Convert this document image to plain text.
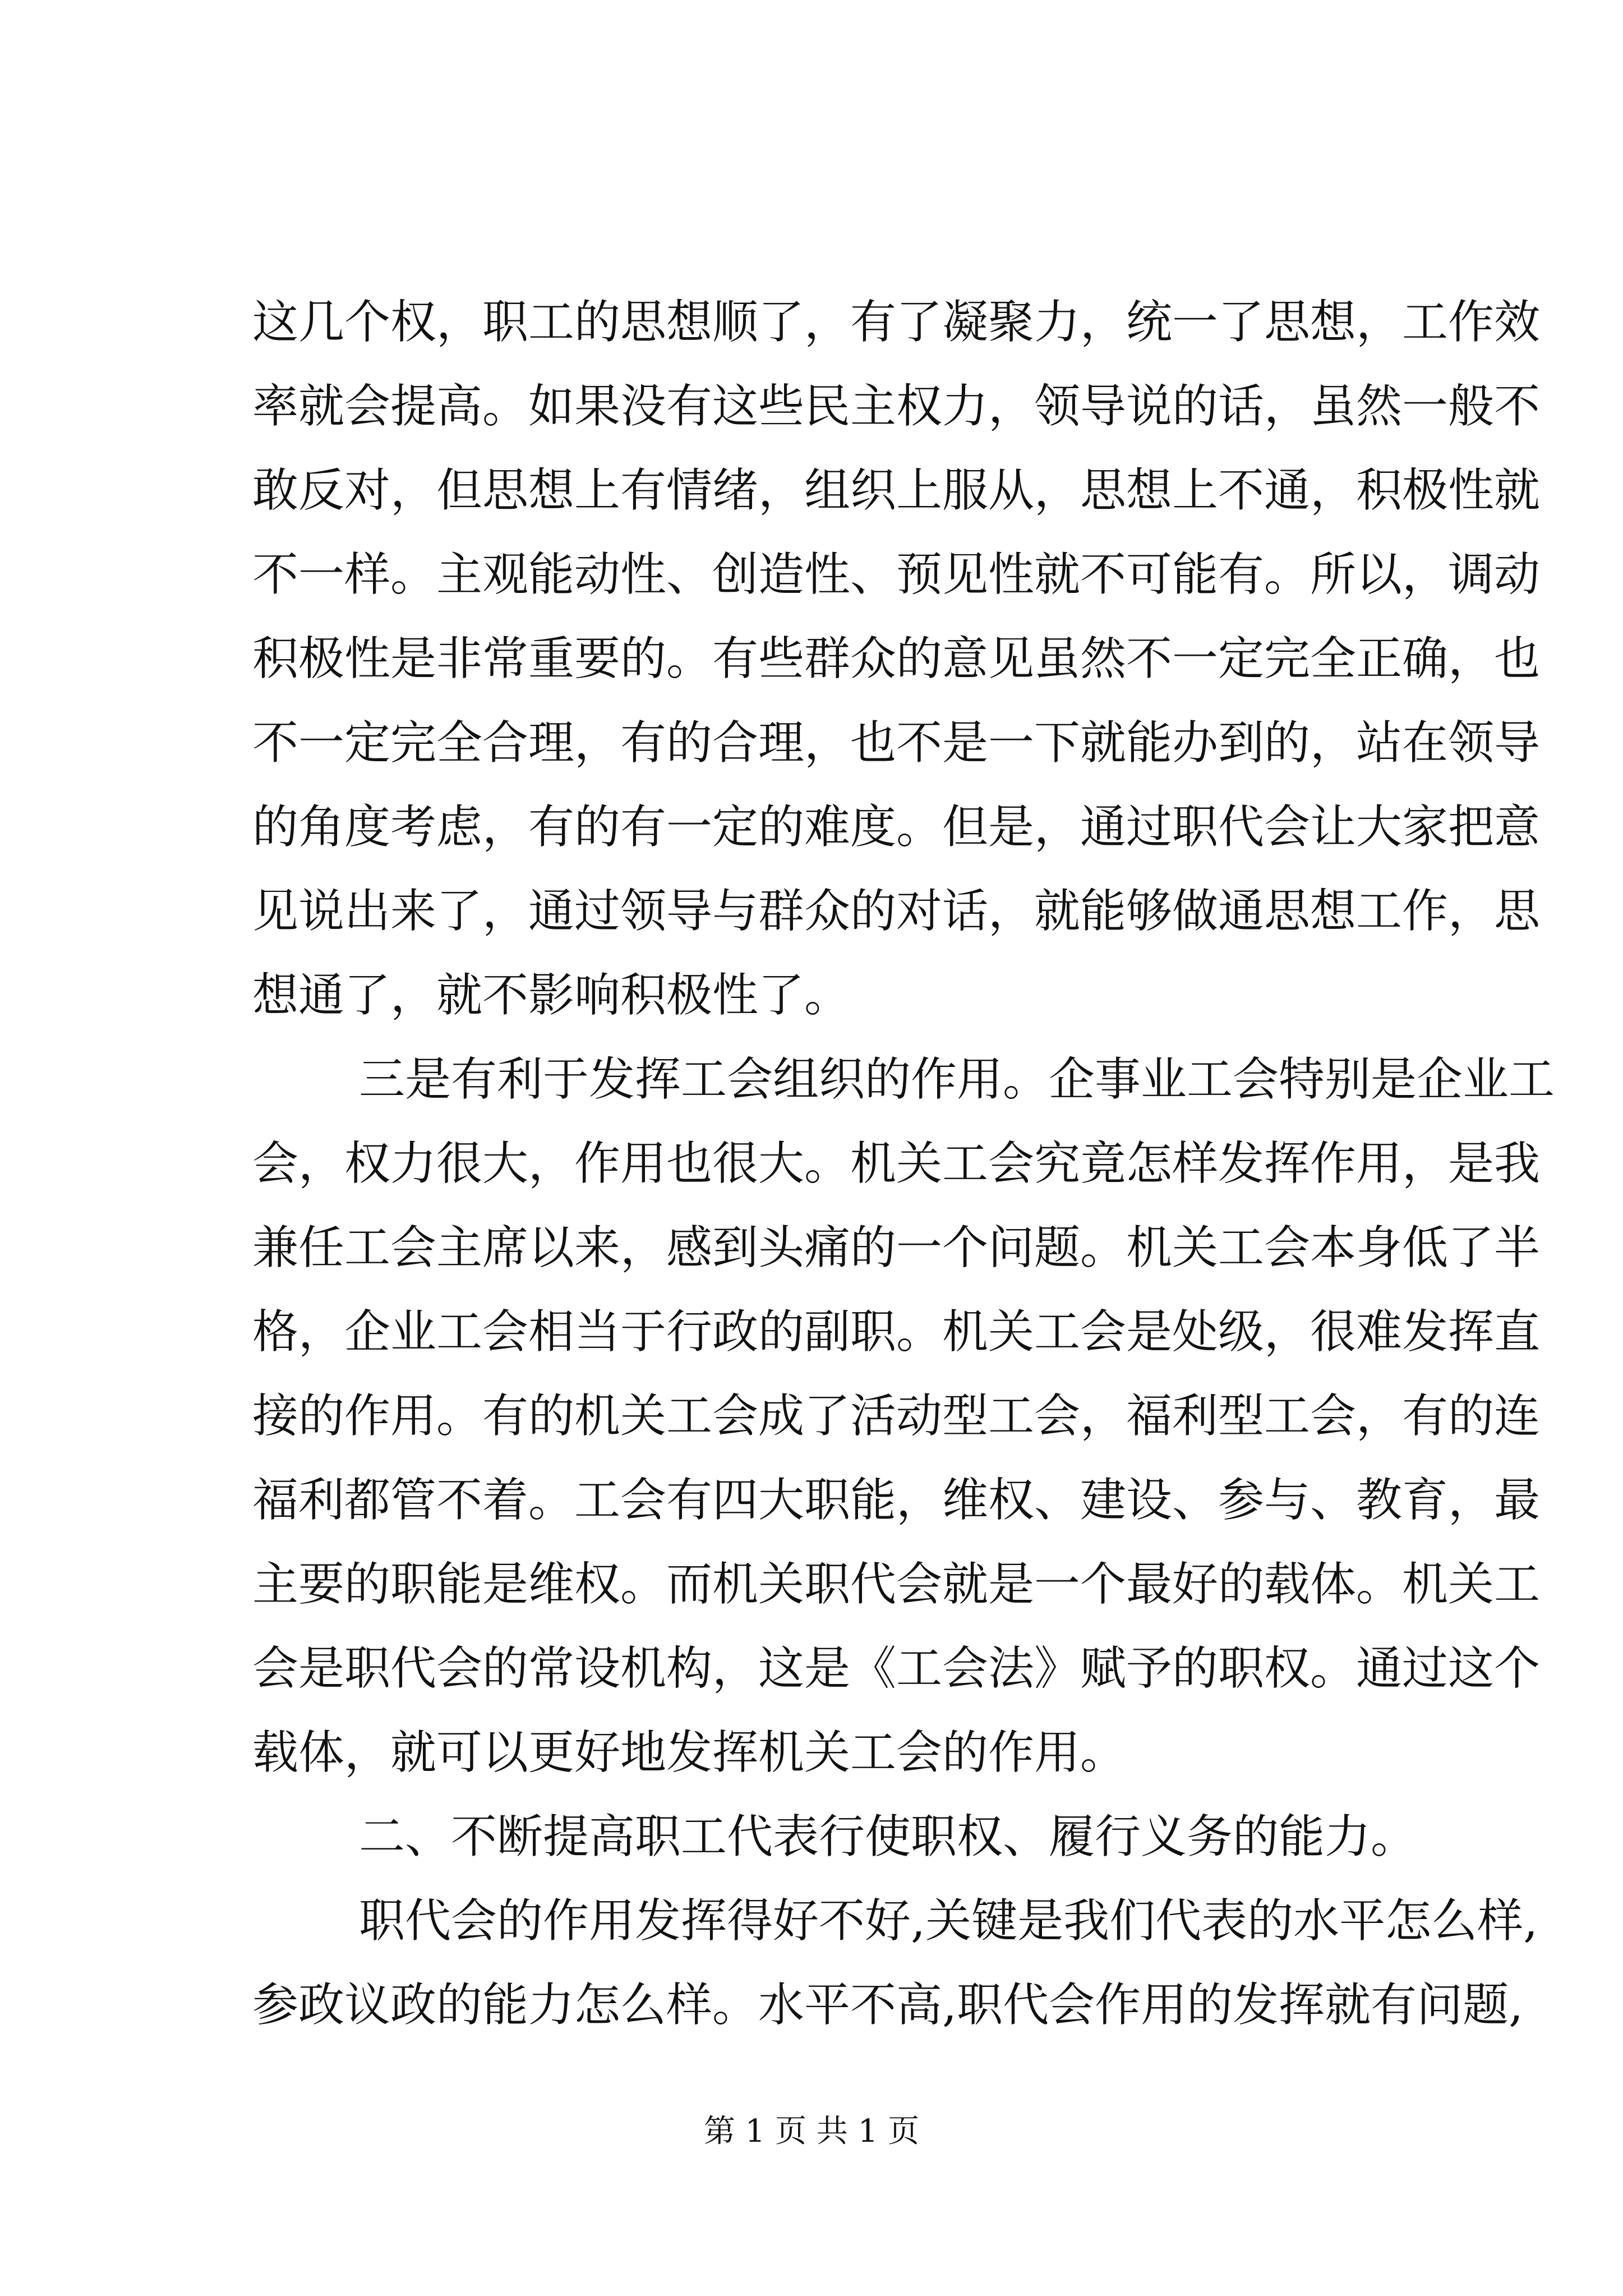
这几个权，职工的思想顺了，有了凝聚力，统一了思想，工作效
率就会提高。如果没有这些民主权力，领导说的话，虽然一般不
敢反对，但思想上有情绪，组织上服从，思想上不通，积极性就
不一样。主观能动性、创造性、预见性就不可能有。所以，调动
积极性是非常重要的。有些群众的意见虽然不一定完全正确，也
不一定完全合理，有的合理，也不是一下就能办到的，站在领导
的角度考虑，有的有一定的难度。但是，通过职代会让大家把意
见说出来了，通过领导与群众的对话，就能够做通思想工作，思
想通了，就不影响积极性了。
三是有利于发挥工会组织的作用。企事业工会特别是企业工
会，权力很大，作用也很大。机关工会究竟怎样发挥作用，是我
兼任工会主席以来，感到头痛的一个问题。机关工会本身低了半
格，企业工会相当于行政的副职。机关工会是处级，很难发挥直
接的作用。有的机关工会成了活动型工会，福利型工会，有的连
福利都管不着。工会有四大职能，维权、建设、参与、教育，最
主要的职能是维权。而机关职代会就是一个最好的载体。机关工
会是职代会的常设机构，这是《工会法》赋予的职权。通过这个
载体，就可以更好地发挥机关工会的作用。
二、不断提高职工代表行使职权、履行义务的能力。
职代会的作用发挥得好不好,关键是我们代表的水平怎么样,
参政议政的能力怎么样。水平不高,职代会作用的发挥就有问题,
第 1 页 共 1 页
